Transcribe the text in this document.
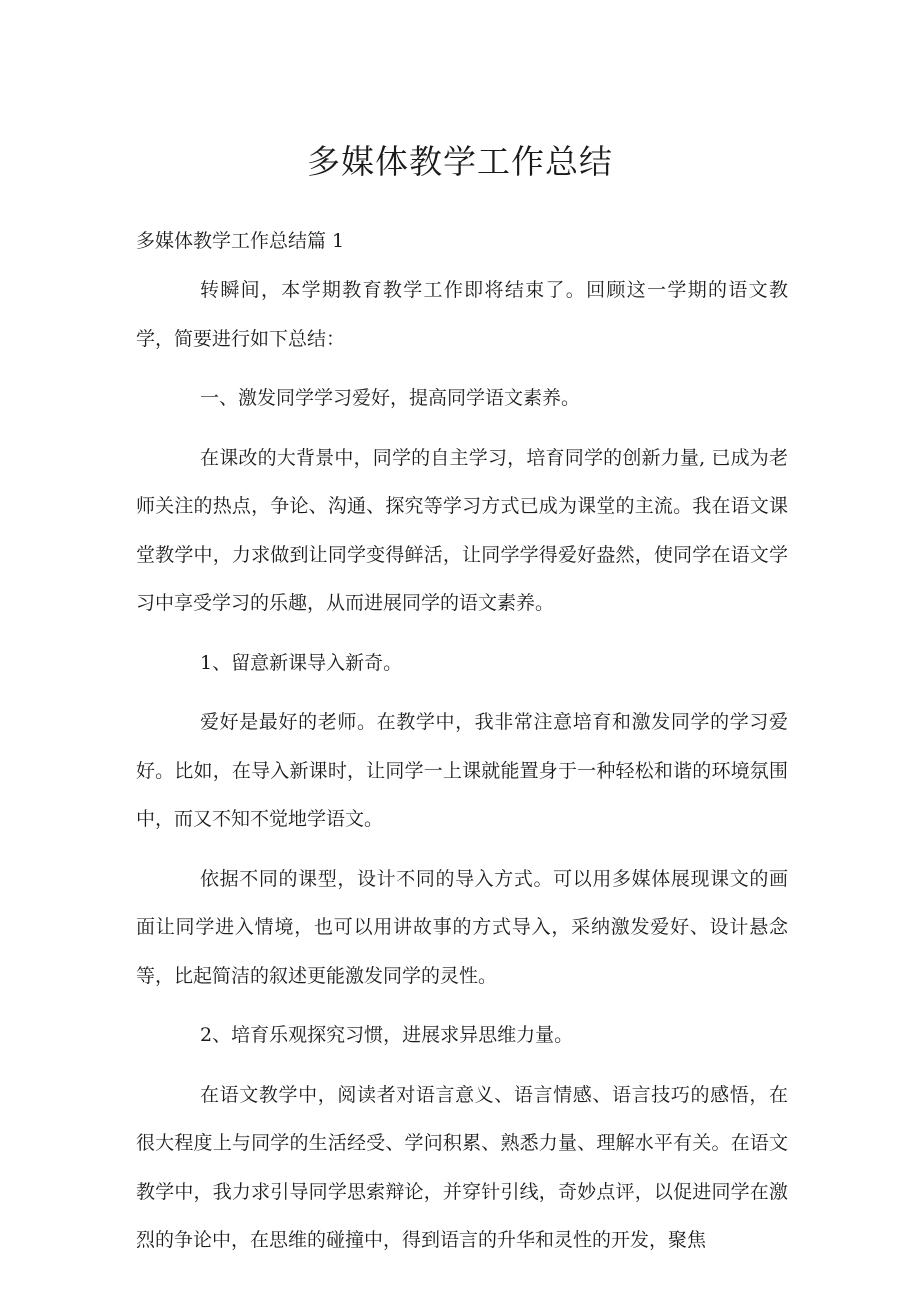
多媒体教学工作总结

多媒体教学工作总结篇 1

转瞬间，本学期教育教学工作即将结束了。回顾这一学期的语文教学，简要进行如下总结：

一、激发同学学习爱好，提高同学语文素养。

在课改的大背景中，同学的自主学习，培育同学的创新力量, 已成为老师关注的热点，争论、沟通、探究等学习方式已成为课堂的主流。我在语文课堂教学中，力求做到让同学变得鲜活，让同学学得爱好盎然，使同学在语文学习中享受学习的乐趣，从而进展同学的语文素养。

1、留意新课导入新奇。

爱好是最好的老师。在教学中，我非常注意培育和激发同学的学习爱好。比如，在导入新课时，让同学一上课就能置身于一种轻松和谐的环境氛围中，而又不知不觉地学语文。

依据不同的课型，设计不同的导入方式。可以用多媒体展现课文的画面让同学进入情境，也可以用讲故事的方式导入，采纳激发爱好、设计悬念等，比起简洁的叙述更能激发同学的灵性。

2、培育乐观探究习惯，进展求异思维力量。

在语文教学中，阅读者对语言意义、语言情感、语言技巧的感悟，在很大程度上与同学的生活经受、学问积累、熟悉力量、理解水平有关。在语文教学中，我力求引导同学思索辩论，并穿针引线，奇妙点评，以促进同学在激烈的争论中，在思维的碰撞中，得到语言的升华和灵性的开发，聚焦
